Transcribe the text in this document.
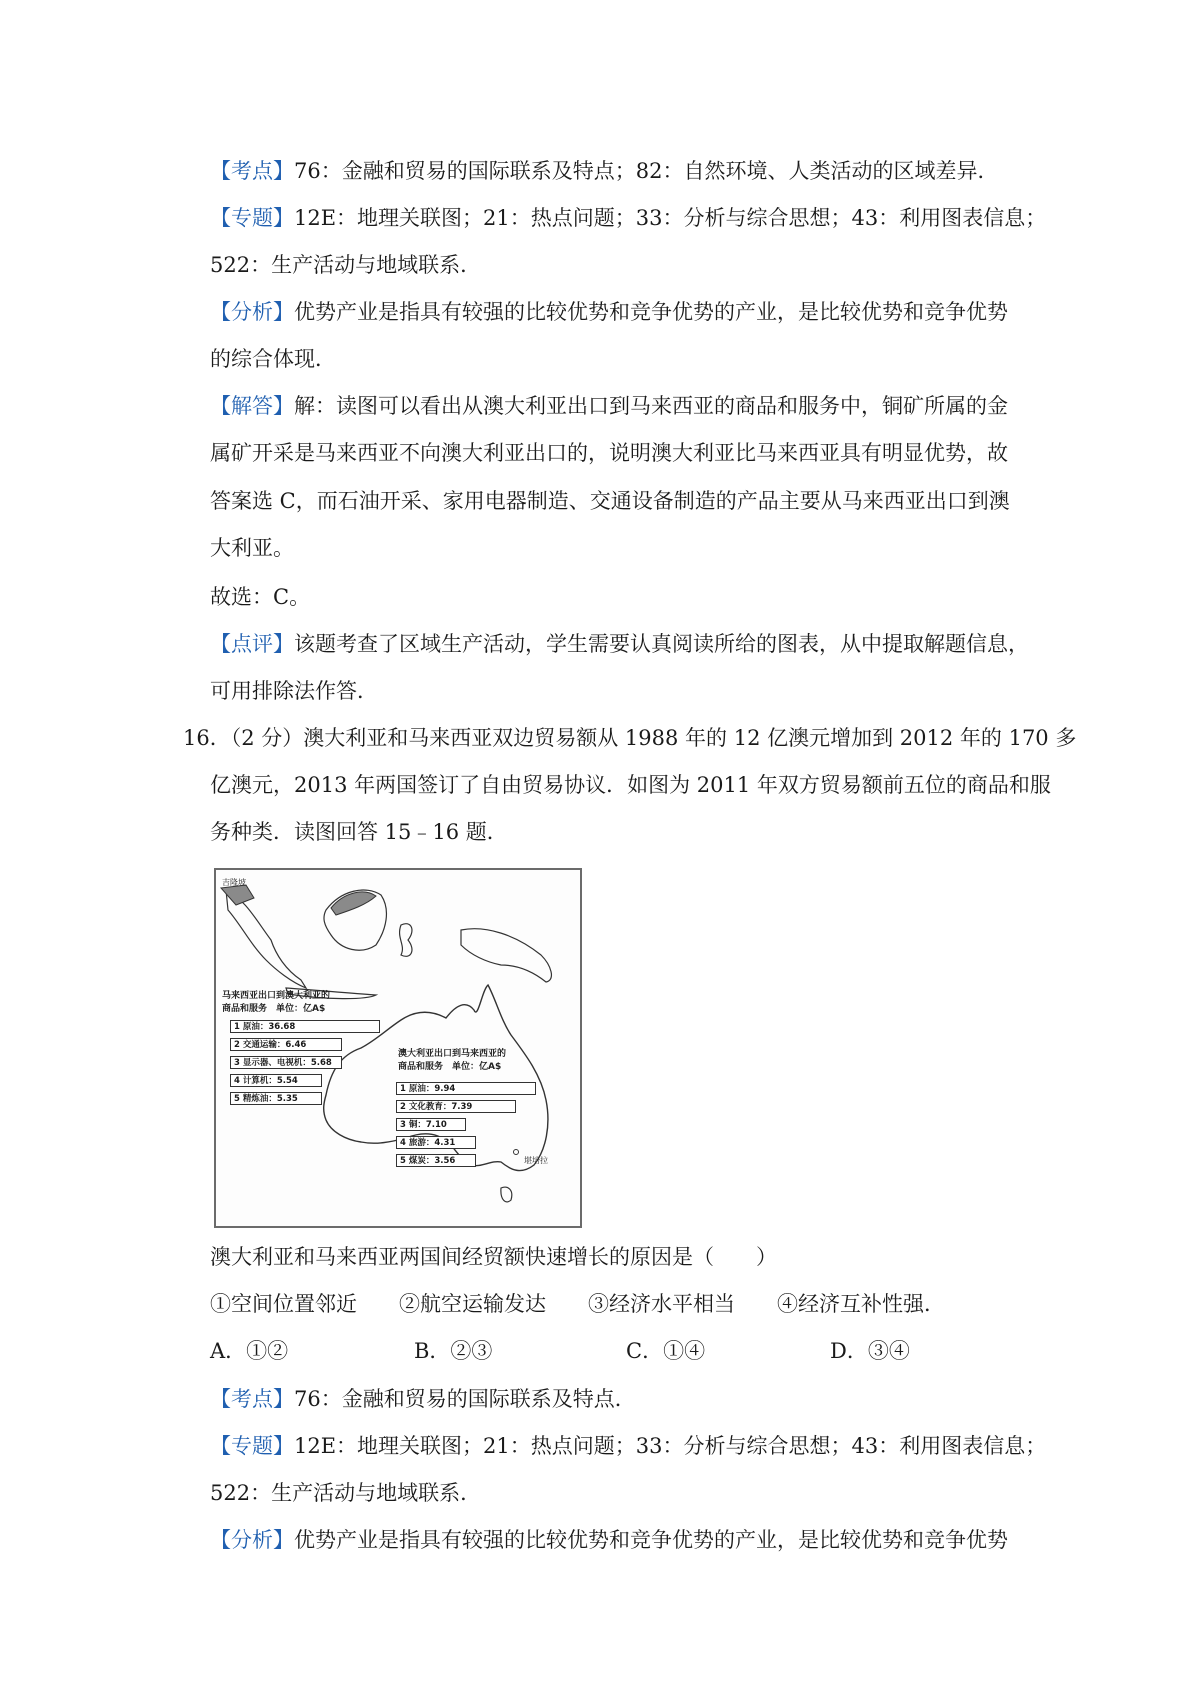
【考点】76：金融和贸易的国际联系及特点；82：自然环境、人类活动的区域差异．
【专题】12E：地理关联图；21：热点问题；33：分析与综合思想；43：利用图表信息；
522：生产活动与地域联系．
【分析】优势产业是指具有较强的比较优势和竞争优势的产业，是比较优势和竞争优势
的综合体现．
【解答】解：读图可以看出从澳大利亚出口到马来西亚的商品和服务中，铜矿所属的金
属矿开采是马来西亚不向澳大利亚出口的，说明澳大利亚比马来西亚具有明显优势，故
答案选 C，而石油开采、家用电器制造、交通设备制造的产品主要从马来西亚出口到澳
大利亚。
故选：C。
【点评】该题考查了区域生产活动，学生需要认真阅读所给的图表，从中提取解题信息，
可用排除法作答．
16．（2 分）澳大利亚和马来西亚双边贸易额从 1988 年的 12 亿澳元增加到 2012 年的 170 多
亿澳元，2013 年两国签订了自由贸易协议．如图为 2011 年双方贸易额前五位的商品和服
务种类．读图回答 15﹣16 题．
吉隆坡
堪培拉
马来西亚出口到澳大利亚的
商品和服务　单位：亿A$
1 原油：36.68
2 交通运输：6.46
3 显示器、电视机：5.68
4 计算机：5.54
5 精炼油：5.35
澳大利亚出口到马来西亚的
商品和服务　单位：亿A$
1 原油：9.94
2 文化教育：7.39
3 铜：7.10
4 旅游：4.31
5 煤炭：3.56
澳大利亚和马来西亚两国间经贸额快速增长的原因是（　　）
①空间位置邻近　　②航空运输发达　　③经济水平相当　　④经济互补性强．
A．①②	B．②③	C．①④	D．③④
【考点】76：金融和贸易的国际联系及特点．
【专题】12E：地理关联图；21：热点问题；33：分析与综合思想；43：利用图表信息；
522：生产活动与地域联系．
【分析】优势产业是指具有较强的比较优势和竞争优势的产业，是比较优势和竞争优势
